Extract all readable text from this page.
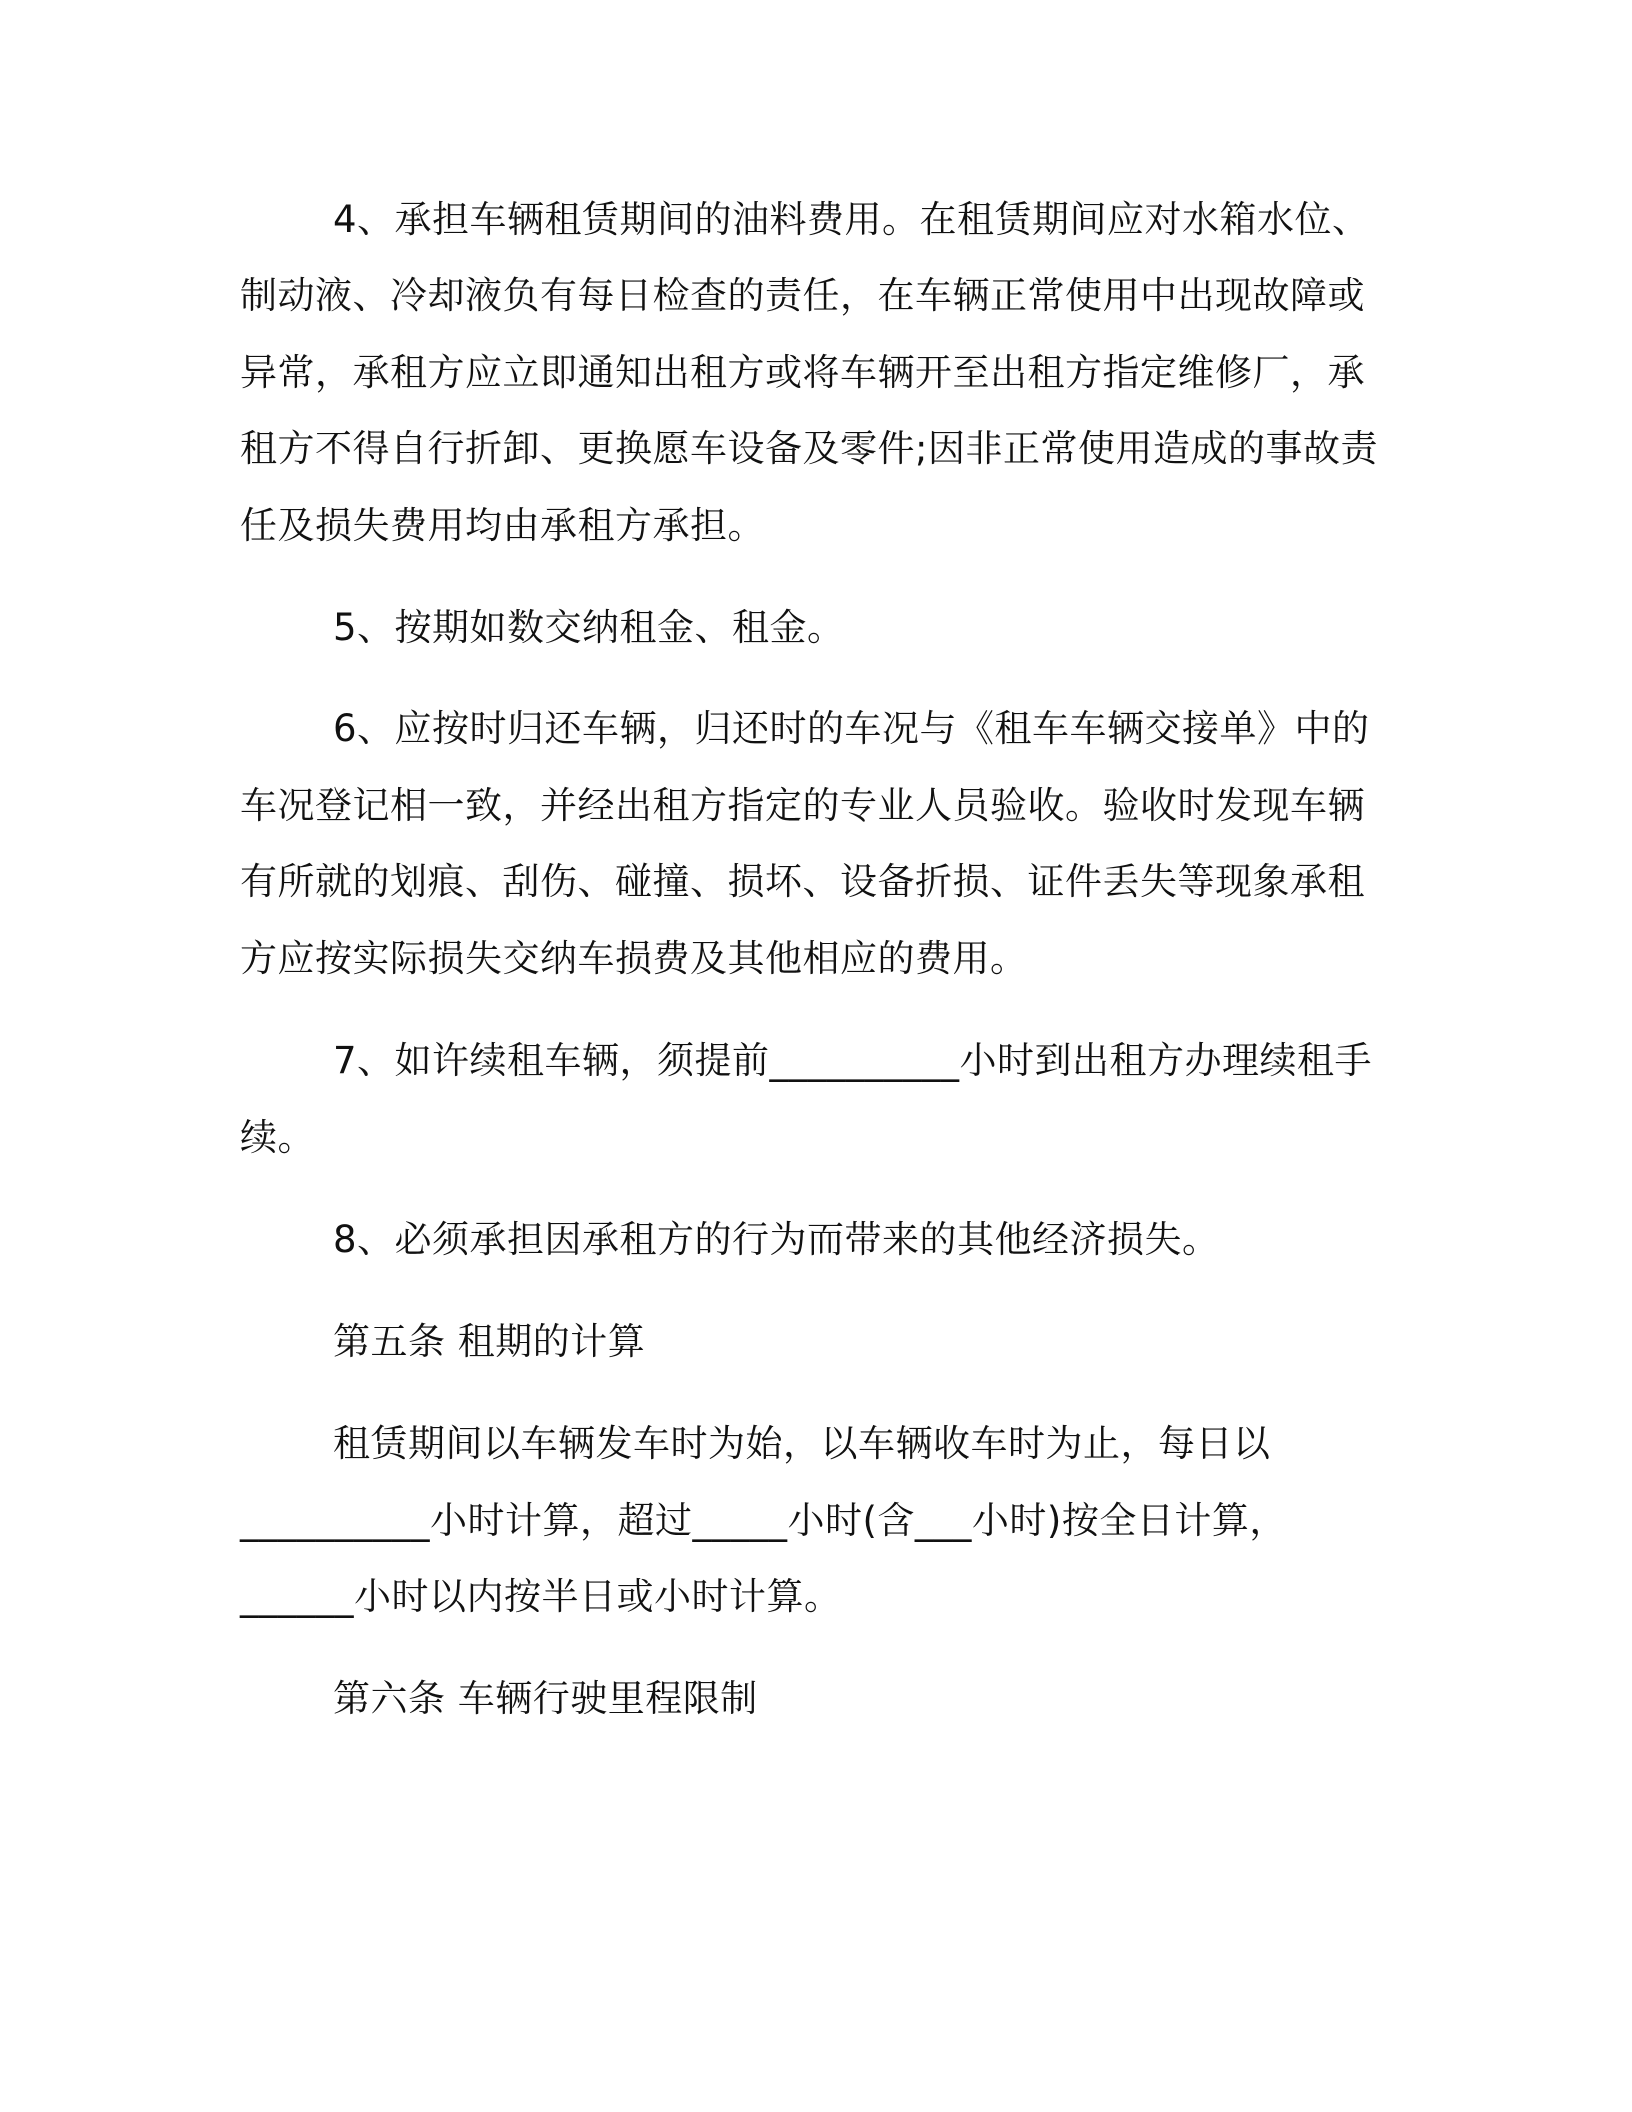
4、承担车辆租赁期间的油料费用。在租赁期间应对水箱水位、

制动液、冷却液负有每日检查的责任，在车辆正常使用中出现故障或

异常，承租方应立即通知出租方或将车辆开至出租方指定维修厂，承

租方不得自行折卸、更换愿车设备及零件;因非正常使用造成的事故责

任及损失费用均由承租方承担。

5、按期如数交纳租金、租金。

6、应按时归还车辆，归还时的车况与《租车车辆交接单》中的

车况登记相一致，并经出租方指定的专业人员验收。验收时发现车辆

有所就的划痕、刮伤、碰撞、损坏、设备折损、证件丢失等现象承租

方应按实际损失交纳车损费及其他相应的费用。

7、如许续租车辆，须提前__________小时到出租方办理续租手

续。

8、必须承担因承租方的行为而带来的其他经济损失。

第五条 租期的计算

租赁期间以车辆发车时为始，以车辆收车时为止，每日以

__________小时计算，超过_____小时(含___小时)按全日计算，

______小时以内按半日或小时计算。

第六条 车辆行驶里程限制
